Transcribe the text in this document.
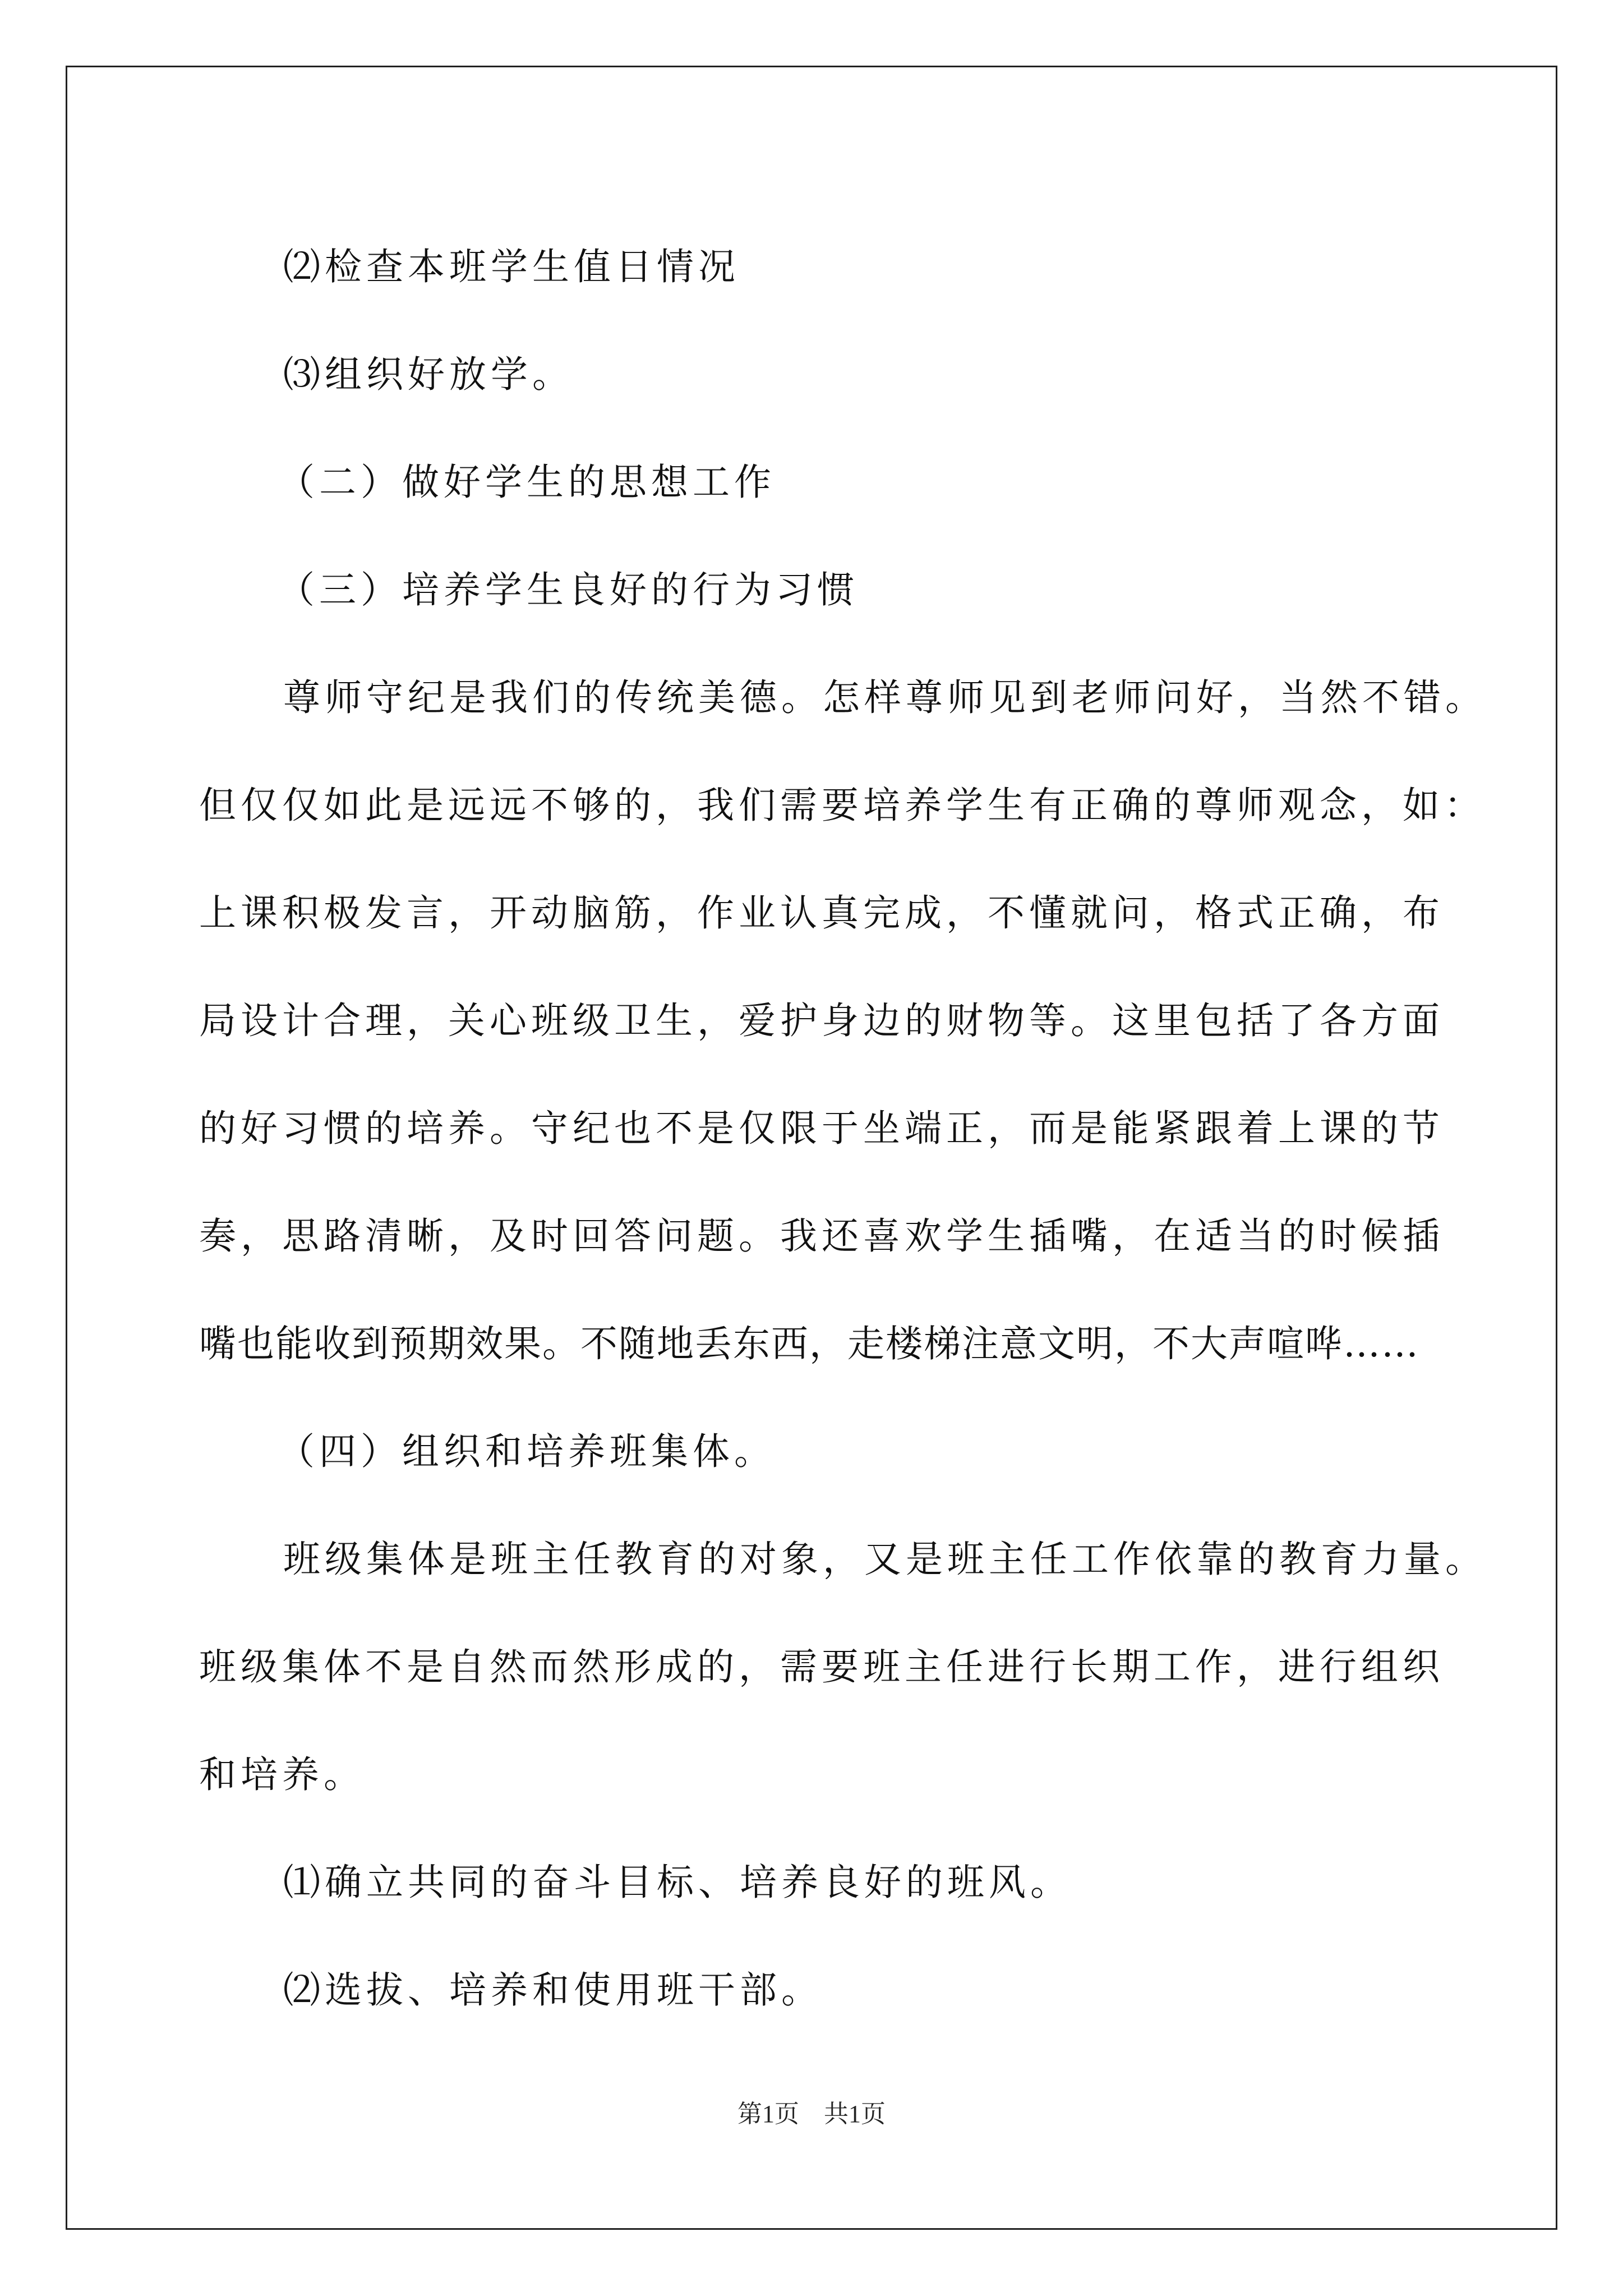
⑵检查本班学生值日情况
⑶组织好放学。
（二）做好学生的思想工作
（三）培养学生良好的行为习惯
尊师守纪是我们的传统美德。怎样尊师见到老师问好，当然不错。
但仅仅如此是远远不够的，我们需要培养学生有正确的尊师观念，如：
上课积极发言，开动脑筋，作业认真完成，不懂就问，格式正确，布
局设计合理，关心班级卫生，爱护身边的财物等。这里包括了各方面
的好习惯的培养。守纪也不是仅限于坐端正，而是能紧跟着上课的节
奏，思路清晰，及时回答问题。我还喜欢学生插嘴，在适当的时候插
嘴也能收到预期效果。不随地丢东西，走楼梯注意文明，不大声喧哗……
（四）组织和培养班集体。
班级集体是班主任教育的对象，又是班主任工作依靠的教育力量。
班级集体不是自然而然形成的，需要班主任进行长期工作，进行组织
和培养。
⑴确立共同的奋斗目标、培养良好的班风。
⑵选拔、培养和使用班干部。
第1页　共1页
